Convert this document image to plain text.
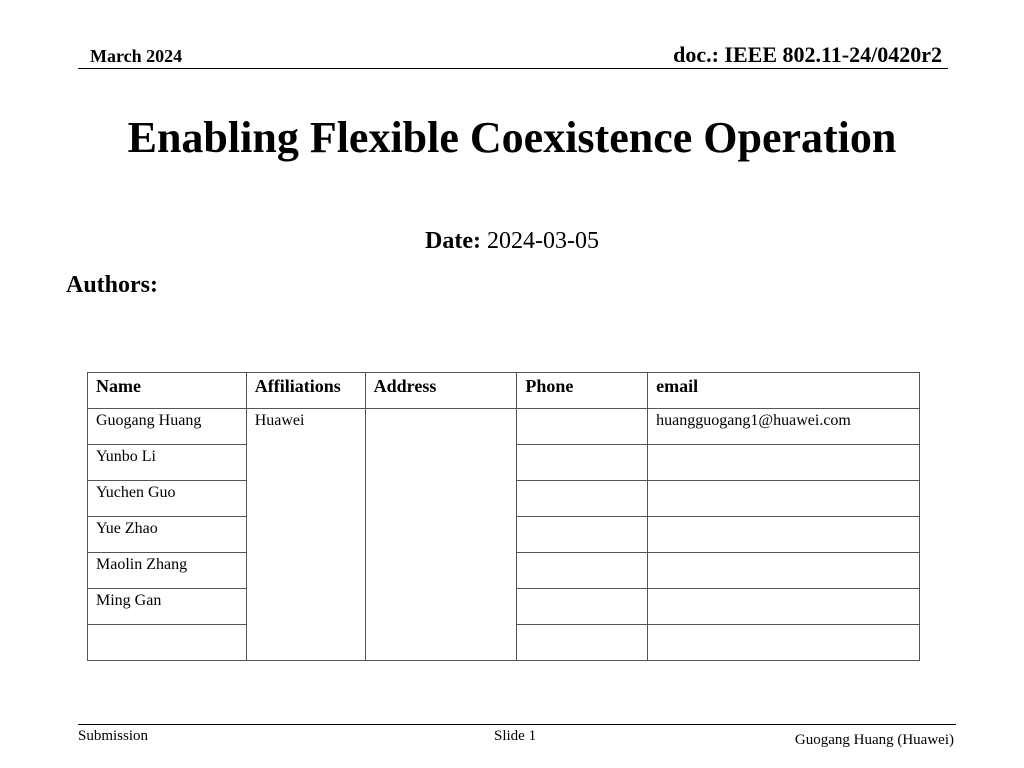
March 2024	doc.: IEEE 802.11-24/0420r2
Enabling Flexible Coexistence Operation
Date: 2024-03-05
Authors:
Name	Affiliations	Address	Phone	email
Guogang Huang	Huawei			huangguogang1@huawei.com
Yunbo Li				
Yuchen Guo				
Yue Zhao				
Maolin Zhang				
Ming Gan				

Submission	Slide 1	Guogang Huang (Huawei)
